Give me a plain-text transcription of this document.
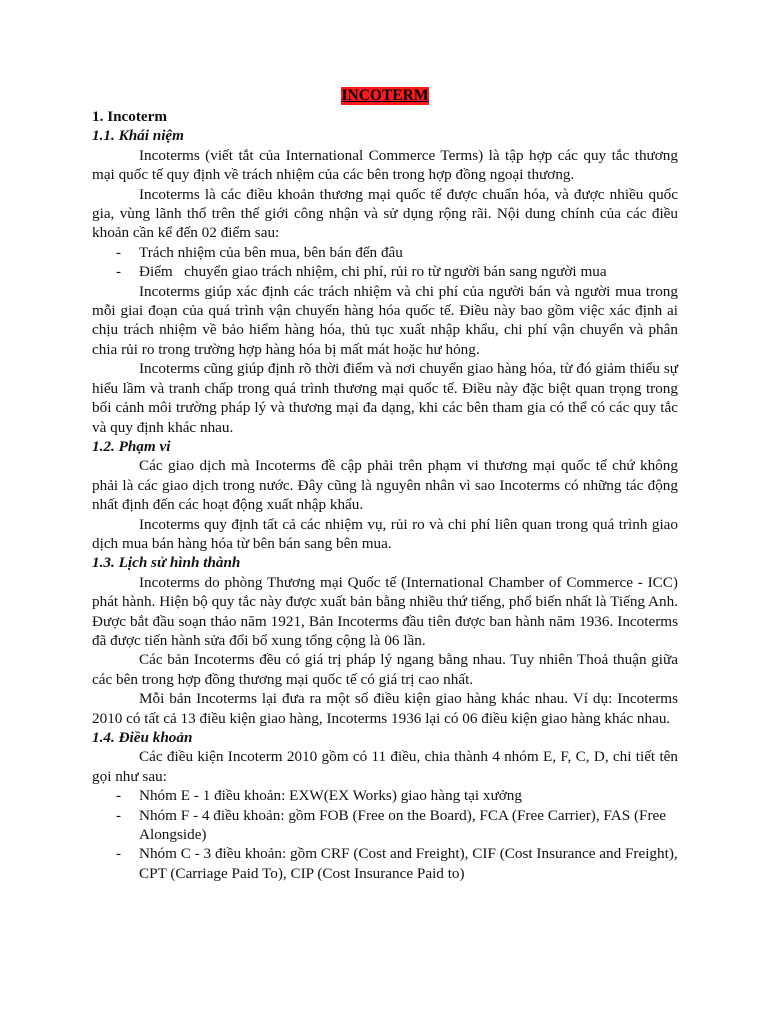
INCOTERM
1. Incoterm
1.1. Khái niệm

Incoterms (viết tắt của International Commerce Terms) là tập hợp các quy tắc thương mại quốc tế quy định về trách nhiệm của các bên trong hợp đồng ngoại thương.

Incoterms là các điều khoản thương mại quốc tế được chuẩn hóa, và được nhiều quốc gia, vùng lãnh thổ trên thế giới công nhận và sử dụng rộng rãi. Nội dung chính của các điều khoản cần kể đến 02 điểm sau:

- Trách nhiệm của bên mua, bên bán đến đâu
- Điểm   chuyển giao trách nhiệm, chi phí, rủi ro từ người bán sang người mua

Incoterms giúp xác định các trách nhiệm và chi phí của người bán và người mua trong mỗi giai đoạn của quá trình vận chuyển hàng hóa quốc tế. Điều này bao gồm việc xác định ai chịu trách nhiệm về bảo hiểm hàng hóa, thủ tục xuất nhập khẩu, chi phí vận chuyển và phân chia rủi ro trong trường hợp hàng hóa bị mất mát hoặc hư hỏng.

Incoterms cũng giúp định rõ thời điểm và nơi chuyển giao hàng hóa, từ đó giảm thiểu sự hiểu lầm và tranh chấp trong quá trình thương mại quốc tế. Điều này đặc biệt quan trọng trong bối cảnh môi trường pháp lý và thương mại đa dạng, khi các bên tham gia có thể có các quy tắc và quy định khác nhau.

1.2. Phạm vi

Các giao dịch mà Incoterms đề cập phải trên phạm vi thương mại quốc tế chứ không phải là các giao dịch trong nước. Đây cũng là nguyên nhân vì sao Incoterms có những tác động nhất định đến các hoạt động xuất nhập khẩu.

Incoterms quy định tất cả các nhiệm vụ, rủi ro và chi phí liên quan trong quá trình giao dịch mua bán hàng hóa từ bên bán sang bên mua.

1.3. Lịch sử hình thành

Incoterms do phòng Thương mại Quốc tế (International Chamber of Commerce - ICC) phát hành. Hiện bộ quy tắc này được xuất bản bằng nhiều thứ tiếng, phổ biến nhất là Tiếng Anh. Được bắt đầu soạn thảo năm 1921, Bản Incoterms đầu tiên được ban hành năm 1936. Incoterms đã được tiến hành sửa đổi bổ xung tổng cộng là 06 lần.

Các bản Incoterms đều có giá trị pháp lý ngang bằng nhau. Tuy nhiên Thoả thuận giữa các bên trong hợp đồng thương mại quốc tế có giá trị cao nhất.

Mỗi bản Incoterms lại đưa ra một số điều kiện giao hàng khác nhau. Ví dụ: Incoterms 2010 có tất cả 13 điều kiện giao hàng, Incoterms 1936 lại có 06 điều kiện giao hàng khác nhau.

1.4. Điều khoản

Các điều kiện Incoterm 2010 gồm có 11 điều, chia thành 4 nhóm E, F, C, D, chi tiết tên gọi như sau:

- Nhóm E - 1 điều khoản: EXW(EX Works) giao hàng tại xưởng
- Nhóm F - 4 điều khoản: gồm FOB (Free on the Board), FCA (Free Carrier), FAS (Free Alongside)
- Nhóm C - 3 điều khoản: gồm CRF (Cost and Freight), CIF (Cost Insurance and Freight), CPT (Carriage Paid To), CIP (Cost Insurance Paid to)
